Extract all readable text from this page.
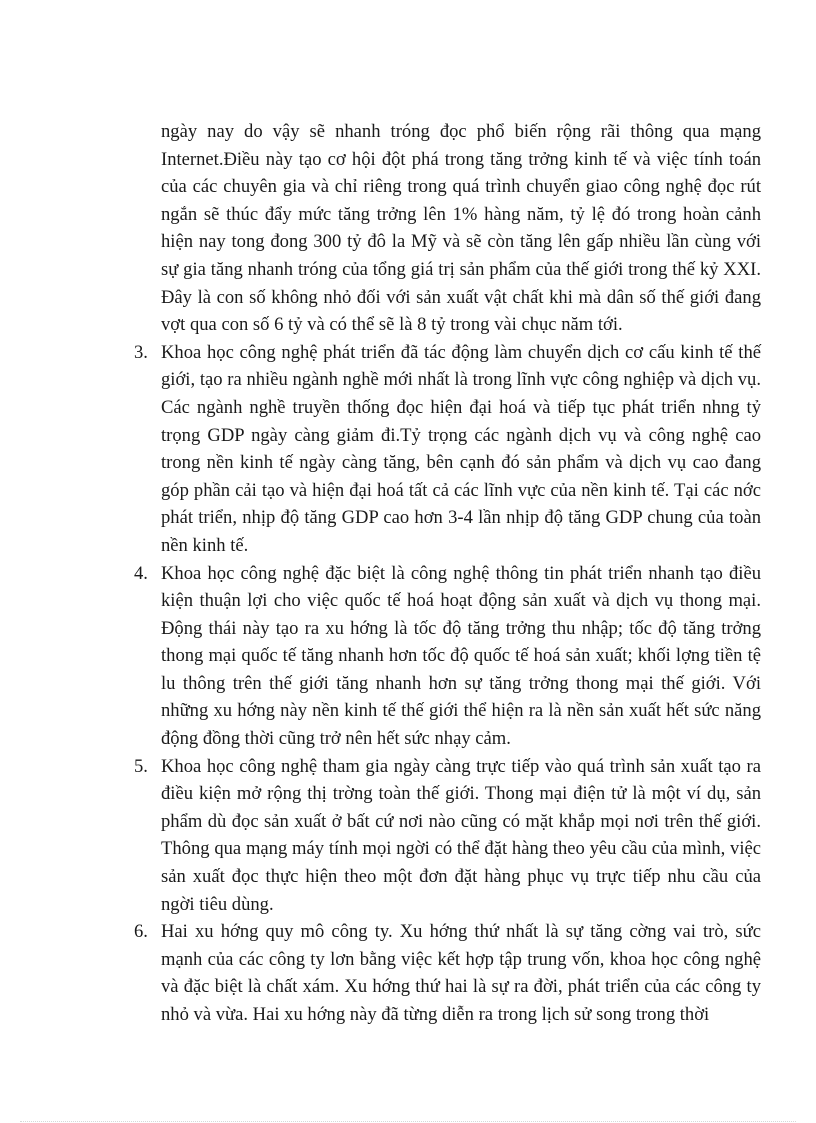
ngày nay do vậy sẽ nhanh tróng đọc phổ biến rộng rãi thông qua mạng Internet.Điều này tạo cơ hội đột phá trong tăng trởng kinh tế và việc tính toán của các chuyên gia và chỉ riêng trong quá trình chuyển giao công nghệ đọc rút ngắn sẽ thúc đẩy mức tăng trởng lên 1% hàng năm, tỷ lệ đó trong hoàn cảnh hiện nay tong đong 300 tỷ đô la Mỹ và sẽ còn tăng lên gấp nhiều lần cùng với sự gia tăng nhanh tróng của tổng giá trị sản phẩm của thế giới trong thế kỷ XXI. Đây là con số không nhỏ đối với sản xuất vật chất khi mà dân số thế giới đang vợt qua con số 6 tỷ và có thể sẽ là 8 tỷ trong vài chục năm tới.

3. Khoa học công nghệ phát triển đã tác động làm chuyển dịch cơ cấu kinh tế thế giới, tạo ra nhiều ngành nghề mới nhất là trong lĩnh vực công nghiệp và dịch vụ. Các ngành nghề truyền thống đọc hiện đại hoá và tiếp tục phát triển nhng tỷ trọng GDP ngày càng giảm đi.Tỷ trọng các ngành dịch vụ và công nghệ cao trong nền kinh tế ngày càng tăng, bên cạnh đó sản phẩm và dịch vụ cao đang góp phần cải tạo và hiện đại hoá tất cả các lĩnh vực của nền kinh tế. Tại các nớc phát triển, nhịp độ tăng GDP cao hơn 3-4 lần nhịp độ tăng GDP chung của toàn nền kinh tế.
4. Khoa học công nghệ đặc biệt là công nghệ thông tin phát triển nhanh tạo điều kiện thuận lợi cho việc quốc tế hoá hoạt động sản xuất và dịch vụ thong mại. Động thái này tạo ra xu hớng là tốc độ tăng trởng thu nhập; tốc độ tăng trởng thong mại quốc tế tăng nhanh hơn tốc độ quốc tế hoá sản xuất; khối lợng tiền tệ lu thông trên thế giới tăng nhanh hơn sự tăng trởng thong mại thế giới. Với những xu hớng này nền kinh tế thế giới thể hiện ra là nền sản xuất hết sức năng động đồng thời cũng trở nên hết sức nhạy cảm.
5. Khoa học công nghệ tham gia ngày càng trực tiếp vào quá trình sản xuất tạo ra điều kiện mở rộng thị trờng toàn thế giới. Thong mại điện tử là một ví dụ, sản phẩm dù đọc sản xuất ở bất cứ nơi nào cũng có mặt khắp mọi nơi trên thế giới. Thông qua mạng máy tính mọi ngời có thể đặt hàng theo yêu cầu của mình, việc sản xuất đọc thực hiện theo một đơn đặt hàng phục vụ trực tiếp nhu cầu của ngời tiêu dùng.
6. Hai xu hớng quy mô công ty. Xu hớng thứ nhất là sự tăng cờng vai trò, sức mạnh của các công ty lơn bằng việc kết hợp tập trung vốn, khoa học công nghệ và đặc biệt là chất xám. Xu hớng thứ hai là sự ra đời, phát triển của các công ty nhỏ và vừa. Hai xu hớng này đã từng diễn ra trong lịch sử song trong thời
